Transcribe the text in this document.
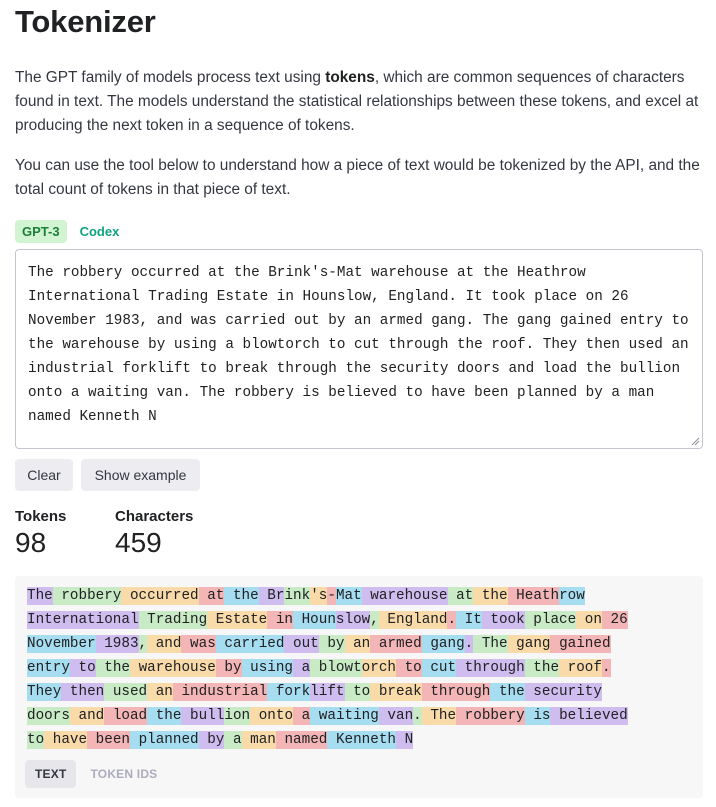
Tokenizer

The GPT family of models process text using tokens, which are common sequences of characters found in text. The models understand the statistical relationships between these tokens, and excel at producing the next token in a sequence of tokens.

You can use the tool below to understand how a piece of text would be tokenized by the API, and the total count of tokens in that piece of text.

GPT-3	Codex
The robbery occurred at the Brink's-Mat warehouse at the Heathrow International Trading Estate in Hounslow, England. It took place on 26 November 1983, and was carried out by an armed gang. The gang gained entry to the warehouse by using a blowtorch to cut through the roof. They then used an industrial forklift to break through the security doors and load the bullion onto a waiting van. The robbery is believed to have been planned by a man named Kenneth N
Clear	Show example
Tokens
98
Characters
459
The robbery occurred at the Brink's-Mat warehouse at the Heathrow
International Trading Estate in Hounslow, England. It took place on 26
November 1983, and was carried out by an armed gang. The gang gained
entry to the warehouse by using a blowtorch to cut through the roof.
They then used an industrial forklift to break through the security
doors and load the bullion onto a waiting van. The robbery is believed
to have been planned by a man named Kenneth N
TEXT	TOKEN IDS
